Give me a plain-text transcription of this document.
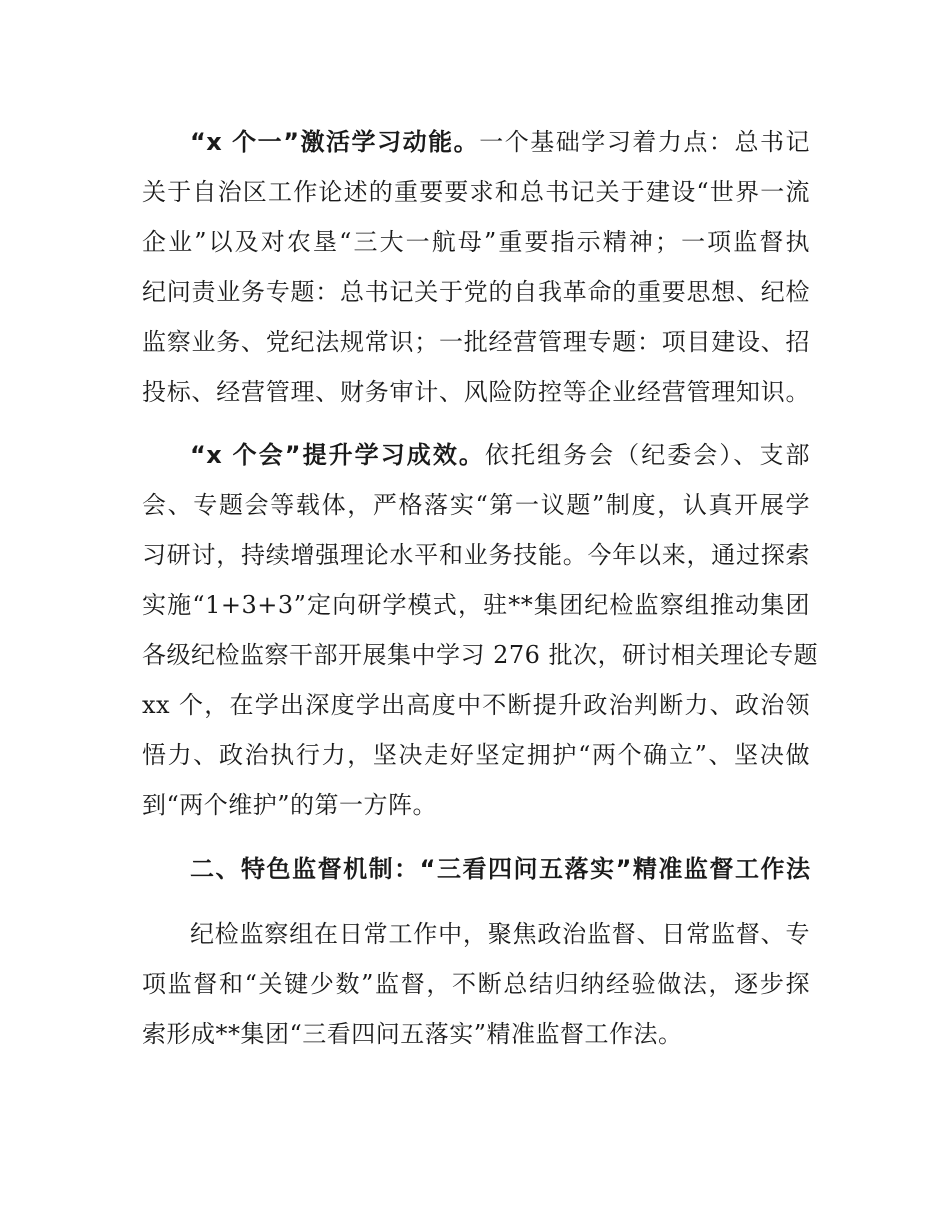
“x 个一”激活学习动能。一个基础学习着力点：总书记
关于自治区工作论述的重要要求和总书记关于建设“世界一流
企业”以及对农垦“三大一航母”重要指示精神；一项监督执
纪问责业务专题：总书记关于党的自我革命的重要思想、纪检
监察业务、党纪法规常识；一批经营管理专题：项目建设、招
投标、经营管理、财务审计、风险防控等企业经营管理知识。
“x 个会”提升学习成效。依托组务会（纪委会）、支部
会、专题会等载体，严格落实“第一议题”制度，认真开展学
习研讨，持续增强理论水平和业务技能。今年以来，通过探索
实施“1+3+3”定向研学模式，驻**集团纪检监察组推动集团
各级纪检监察干部开展集中学习 276 批次，研讨相关理论专题
xx 个，在学出深度学出高度中不断提升政治判断力、政治领
悟力、政治执行力，坚决走好坚定拥护“两个确立”、坚决做
到“两个维护”的第一方阵。
二、特色监督机制：“三看四问五落实”精准监督工作法
纪检监察组在日常工作中，聚焦政治监督、日常监督、专
项监督和“关键少数”监督，不断总结归纳经验做法，逐步探
索形成**集团“三看四问五落实”精准监督工作法。
